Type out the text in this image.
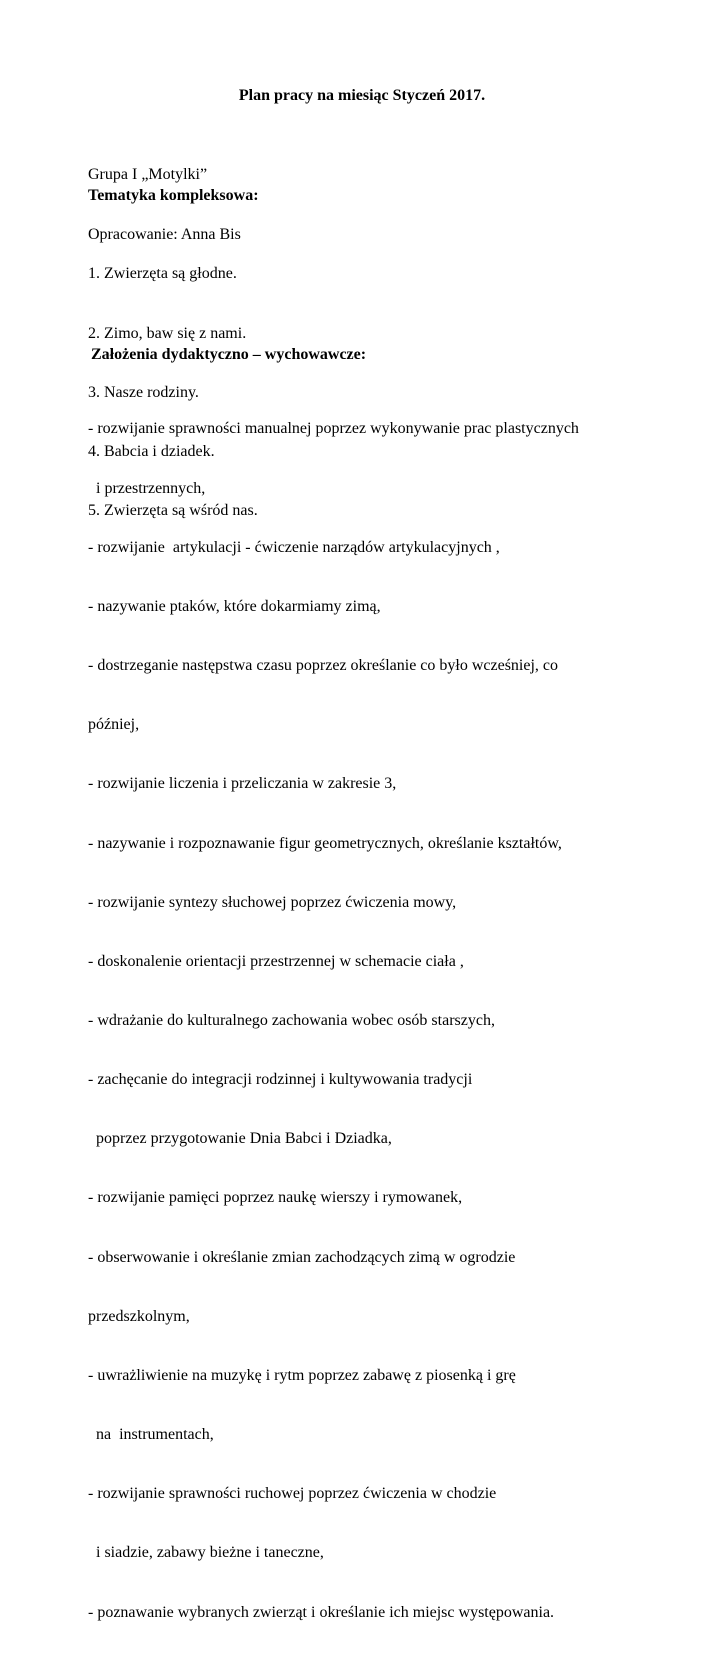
Plan pracy na miesiąc Styczeń 2017.

Grupa I „Motylki”

Opracowanie: Anna Bis

Tematyka kompleksowa:

1. Zwierzęta są głodne.

2. Zimo, baw się z nami.

3. Nasze rodziny.

4. Babcia i dziadek.

5. Zwierzęta są wśród nas.

Założenia dydaktyczno – wychowawcze:

- rozwijanie sprawności manualnej poprzez wykonywanie prac plastycznych

i przestrzennych,

- rozwijanie  artykulacji - ćwiczenie narządów artykulacyjnych ,

- nazywanie ptaków, które dokarmiamy zimą,

- dostrzeganie następstwa czasu poprzez określanie co było wcześniej, co

później,

- rozwijanie liczenia i przeliczania w zakresie 3,

- nazywanie i rozpoznawanie figur geometrycznych, określanie kształtów,

- rozwijanie syntezy słuchowej poprzez ćwiczenia mowy,

- doskonalenie orientacji przestrzennej w schemacie ciała ,

- wdrażanie do kulturalnego zachowania wobec osób starszych,

- zachęcanie do integracji rodzinnej i kultywowania tradycji

poprzez przygotowanie Dnia Babci i Dziadka,

- rozwijanie pamięci poprzez naukę wierszy i rymowanek,

- obserwowanie i określanie zmian zachodzących zimą w ogrodzie

przedszkolnym,

- uwrażliwienie na muzykę i rytm poprzez zabawę z piosenką i grę

na  instrumentach,

- rozwijanie sprawności ruchowej poprzez ćwiczenia w chodzie

i siadzie, zabawy bieżne i taneczne,

- poznawanie wybranych zwierząt i określanie ich miejsc występowania.
